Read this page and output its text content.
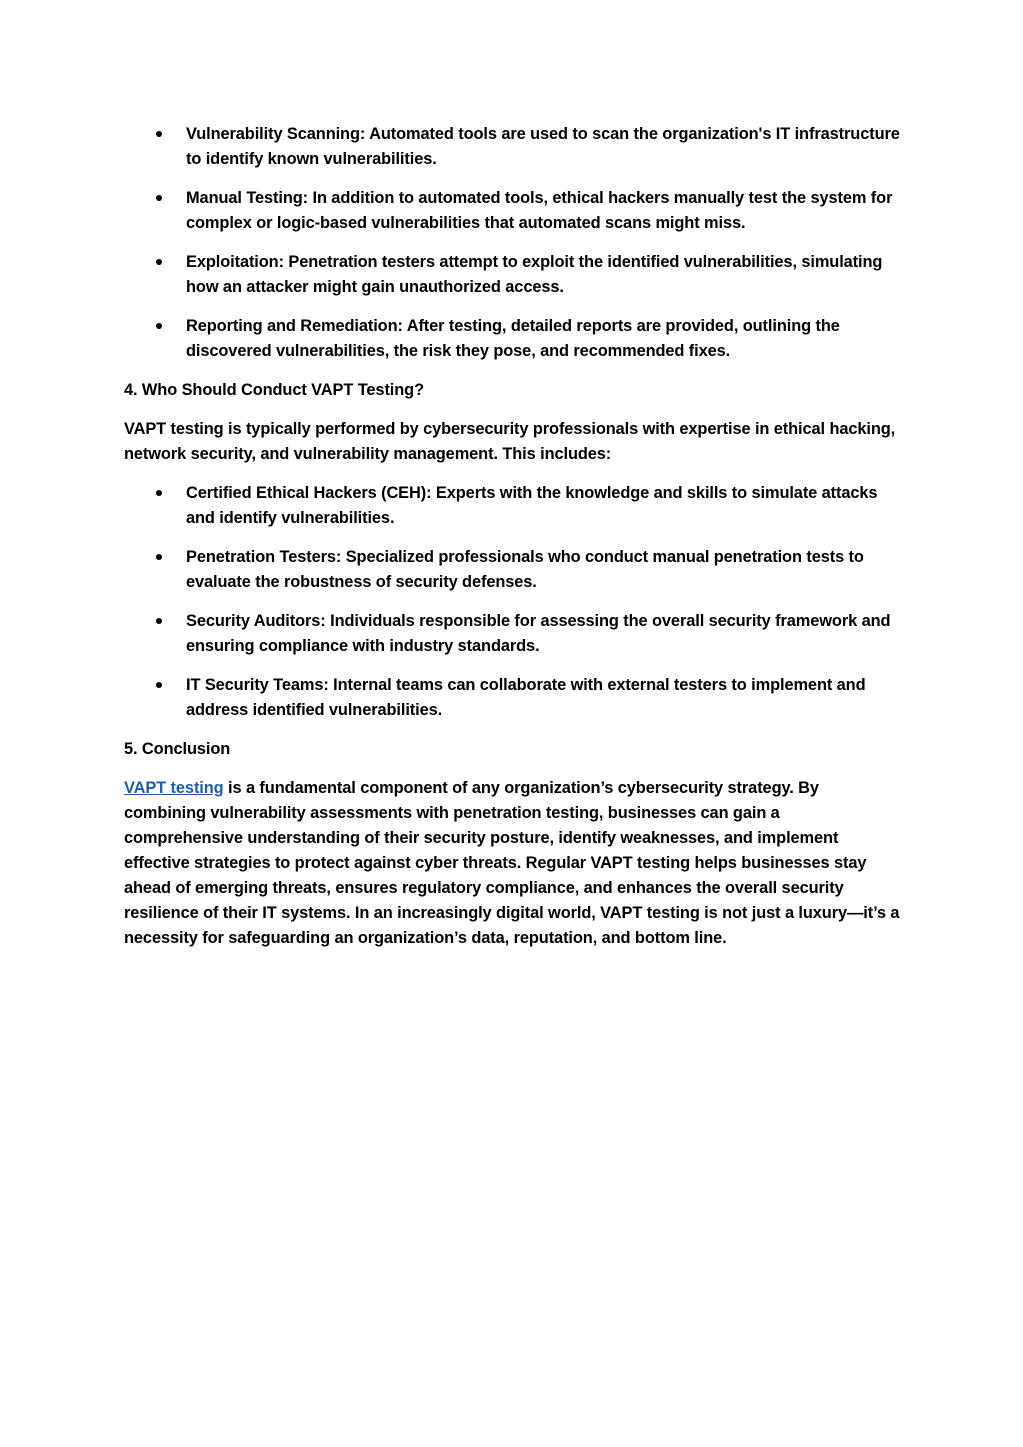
Vulnerability Scanning: Automated tools are used to scan the organization's IT infrastructure to identify known vulnerabilities.
Manual Testing: In addition to automated tools, ethical hackers manually test the system for complex or logic-based vulnerabilities that automated scans might miss.
Exploitation: Penetration testers attempt to exploit the identified vulnerabilities, simulating how an attacker might gain unauthorized access.
Reporting and Remediation: After testing, detailed reports are provided, outlining the discovered vulnerabilities, the risk they pose, and recommended fixes.

4. Who Should Conduct VAPT Testing?

VAPT testing is typically performed by cybersecurity professionals with expertise in ethical hacking, network security, and vulnerability management. This includes:

Certified Ethical Hackers (CEH): Experts with the knowledge and skills to simulate attacks and identify vulnerabilities.
Penetration Testers: Specialized professionals who conduct manual penetration tests to evaluate the robustness of security defenses.
Security Auditors: Individuals responsible for assessing the overall security framework and ensuring compliance with industry standards.
IT Security Teams: Internal teams can collaborate with external testers to implement and address identified vulnerabilities.

5. Conclusion

VAPT testing is a fundamental component of any organization’s cybersecurity strategy. By combining vulnerability assessments with penetration testing, businesses can gain a comprehensive understanding of their security posture, identify weaknesses, and implement effective strategies to protect against cyber threats. Regular VAPT testing helps businesses stay ahead of emerging threats, ensures regulatory compliance, and enhances the overall security resilience of their IT systems. In an increasingly digital world, VAPT testing is not just a luxury—it’s a necessity for safeguarding an organization’s data, reputation, and bottom line.
